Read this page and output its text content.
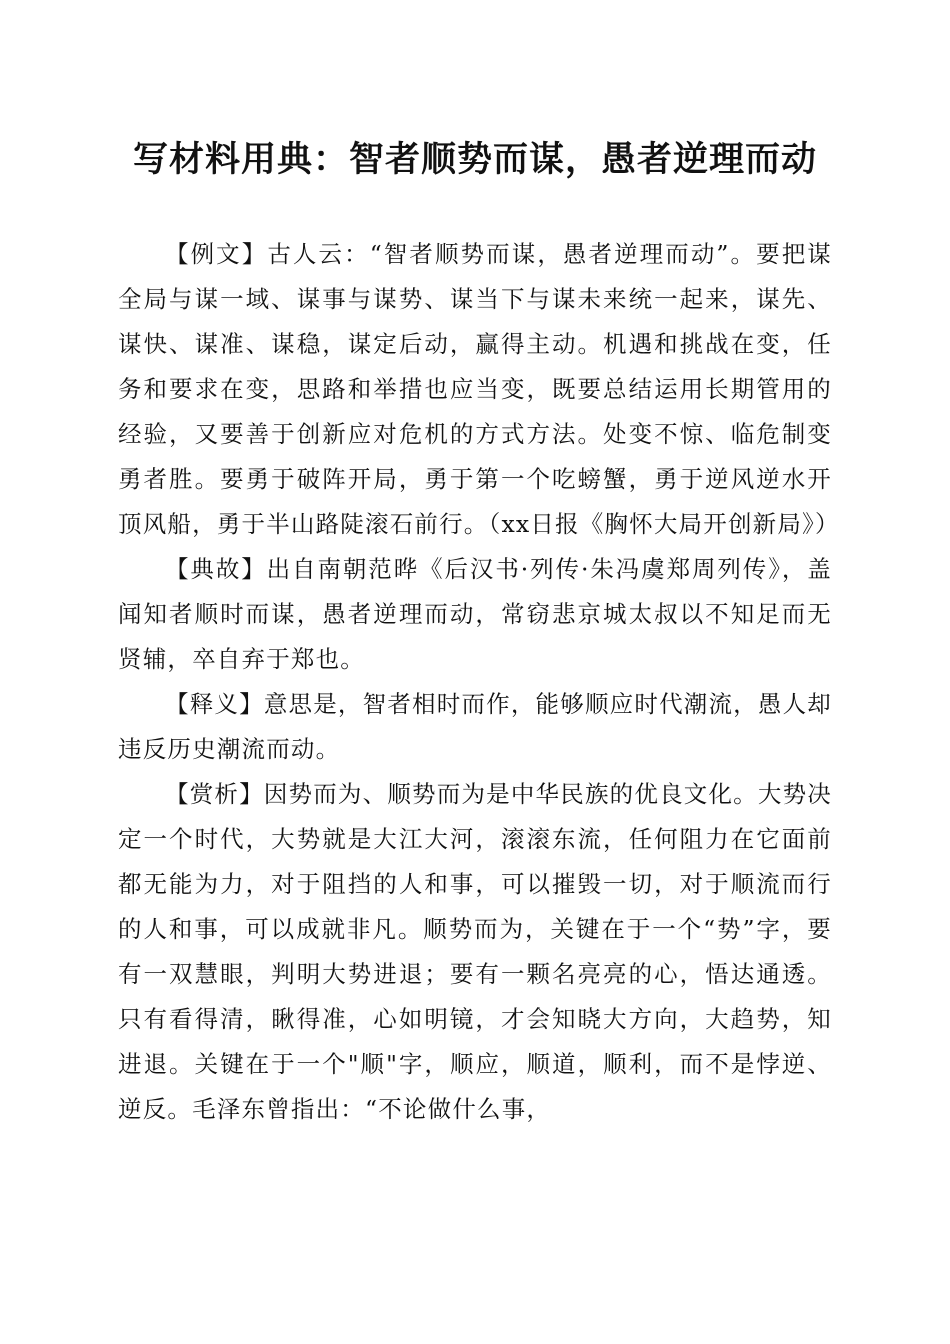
写材料用典：智者顺势而谋，愚者逆理而动

【例文】古人云：“智者顺势而谋，愚者逆理而动”。要把谋全局与谋一域、谋事与谋势、谋当下与谋未来统一起来，谋先、谋快、谋准、谋稳，谋定后动，赢得主动。机遇和挑战在变，任务和要求在变，思路和举措也应当变，既要总结运用长期管用的经验，又要善于创新应对危机的方式方法。处变不惊、临危制变勇者胜。要勇于破阵开局，勇于第一个吃螃蟹，勇于逆风逆水开顶风船，勇于半山路陡滚石前行。（xx日报《胸怀大局开创新局》）

【典故】出自南朝范晔《后汉书·列传·朱冯虞郑周列传》，盖闻知者顺时而谋，愚者逆理而动，常窃悲京城太叔以不知足而无贤辅，卒自弃于郑也。

【释义】意思是，智者相时而作，能够顺应时代潮流，愚人却违反历史潮流而动。

【赏析】因势而为、顺势而为是中华民族的优良文化。大势决定一个时代，大势就是大江大河，滚滚东流，任何阻力在它面前都无能为力，对于阻挡的人和事，可以摧毁一切，对于顺流而行的人和事，可以成就非凡。顺势而为，关键在于一个“势”字，要有一双慧眼，判明大势进退；要有一颗名亮亮的心，悟达通透。只有看得清，瞅得准，心如明镜，才会知晓大方向，大趋势，知进退。关键在于一个"顺"字，顺应，顺道，顺利，而不是悖逆、逆反。毛泽东曾指出：“不论做什么事，
